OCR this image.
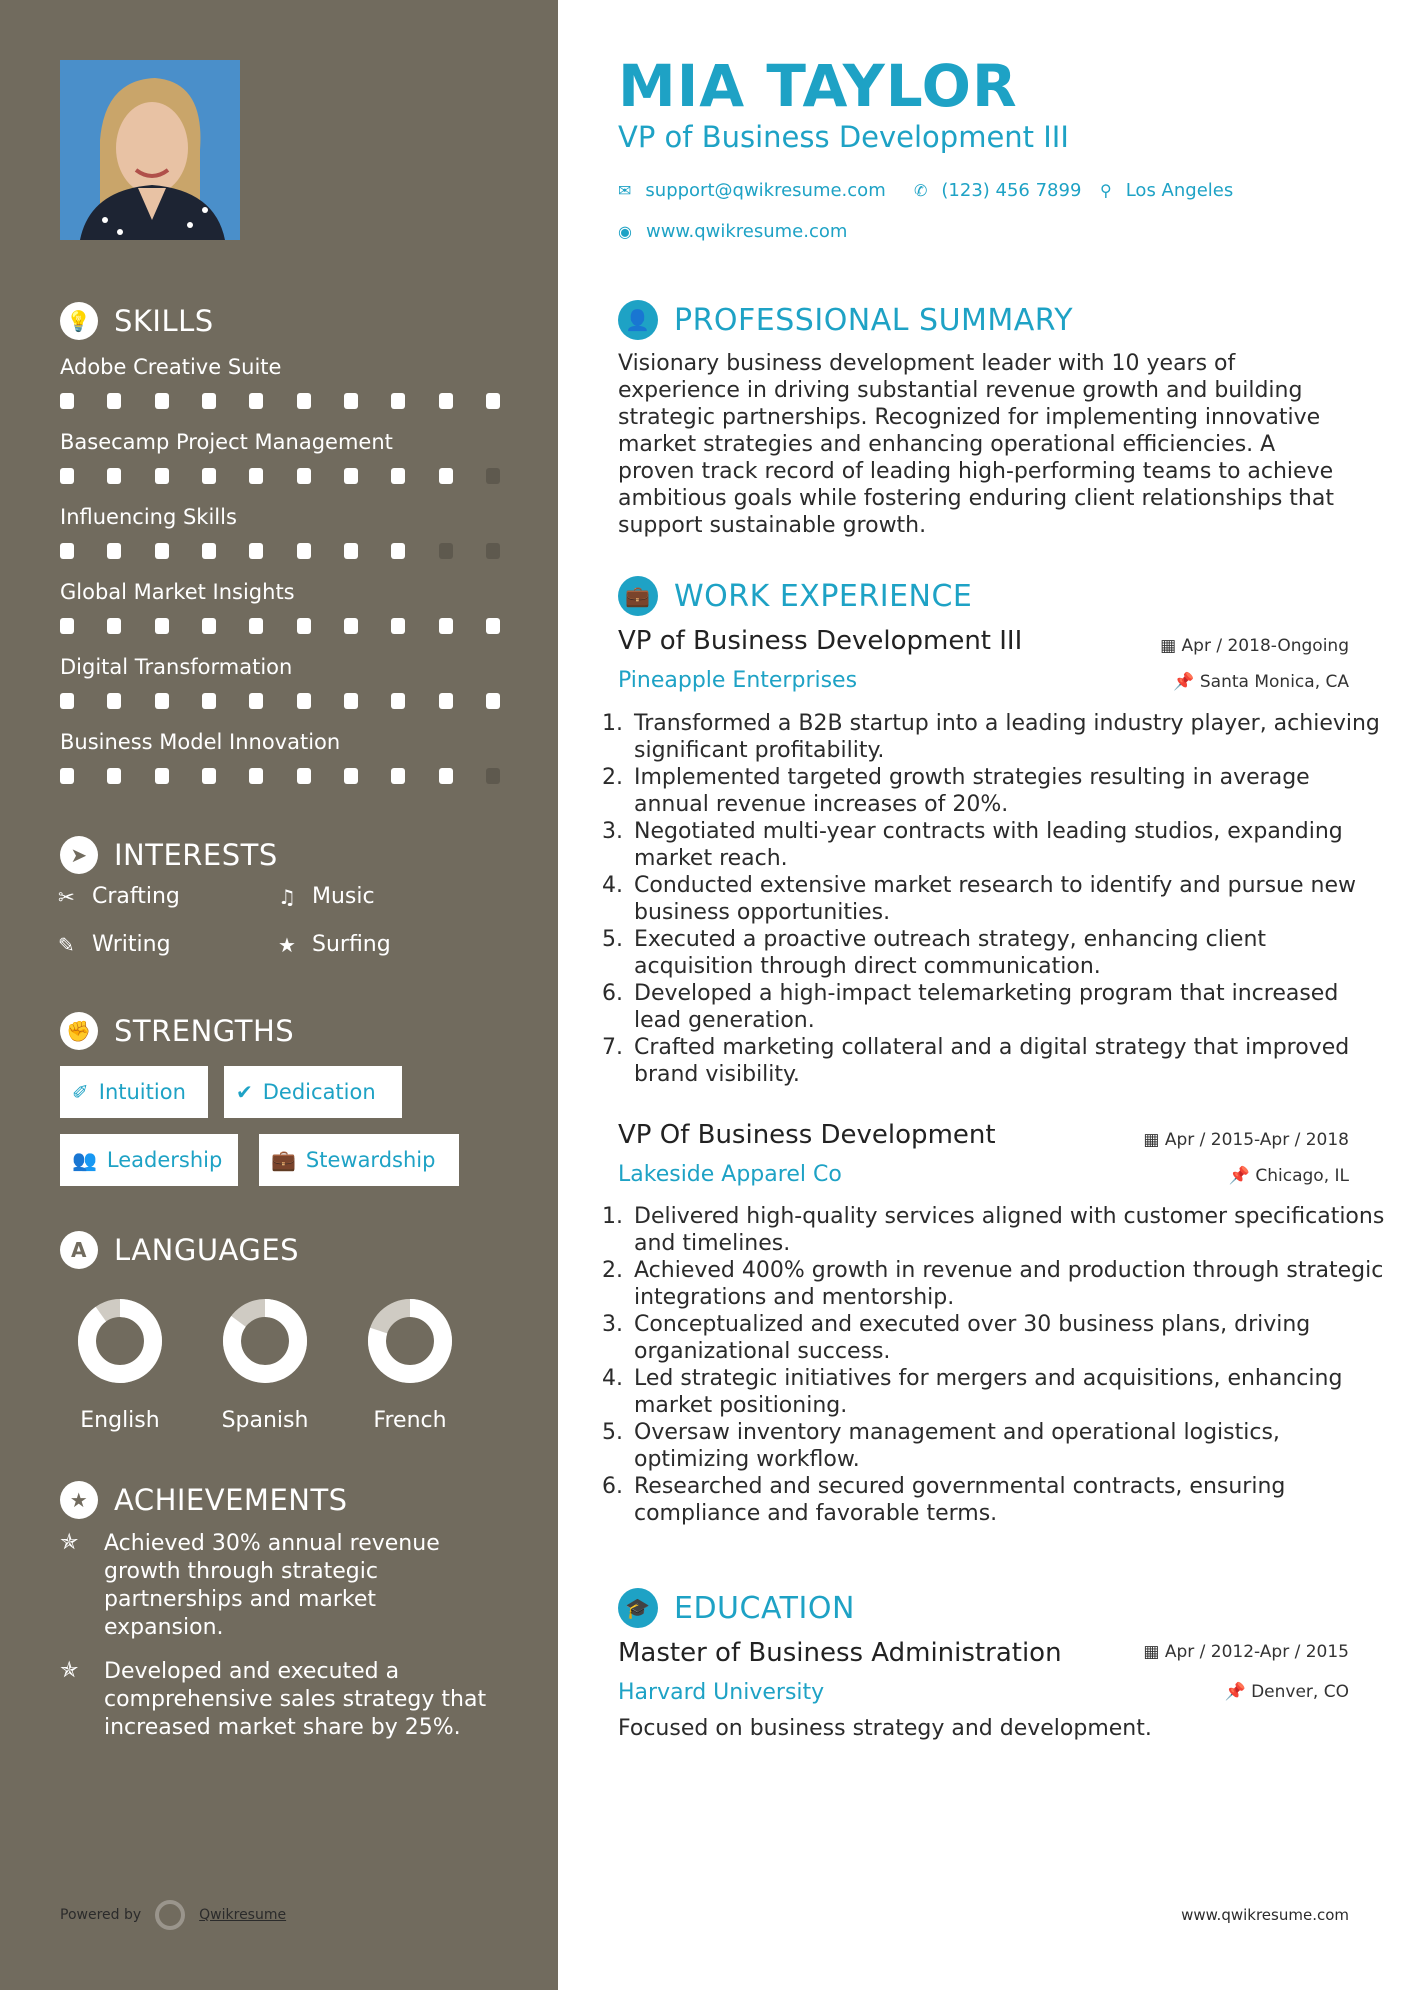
💡 SKILLS
Adobe Creative Suite
Basecamp Project Management
Influencing Skills
Global Market Insights
Digital Transformation
Business Model Innovation
➤ INTERESTS
✂ Crafting	♫ Music
✎ Writing	★ Surfing
✊ STRENGTHS
✐ Intuition	✔ Dedication
👥 Leadership 💼 Stewardship
A LANGUAGES
English	Spanish	French
★ ACHIEVEMENTS
✯	Achieved 30% annual revenue growth through strategic partnerships and market expansion.
✯	Developed and executed a comprehensive sales strategy that increased market share by 25%.
Powered by	Qwikresume
MIA TAYLOR
VP of Business Development III
✉ support@qwikresume.com ✆ (123) 456 7899 ⚲ Los Angeles
◉ www.qwikresume.com
👤 PROFESSIONAL SUMMARY
Visionary business development leader with 10 years of experience in driving substantial revenue growth and building strategic partnerships. Recognized for implementing innovative market strategies and enhancing operational efficiencies. A proven track record of leading high-performing teams to achieve ambitious goals while fostering enduring client relationships that support sustainable growth.
💼 WORK EXPERIENCE
VP of Business Development III	▦ Apr / 2018-Ongoing
Pineapple Enterprises	📌 Santa Monica, CA
1. Transformed a B2B startup into a leading industry player, achieving significant profitability.
2. Implemented targeted growth strategies resulting in average annual revenue increases of 20%.
3. Negotiated multi-year contracts with leading studios, expanding market reach.
4. Conducted extensive market research to identify and pursue new business opportunities.
5. Executed a proactive outreach strategy, enhancing client acquisition through direct communication.
6. Developed a high-impact telemarketing program that increased lead generation.
7. Crafted marketing collateral and a digital strategy that improved brand visibility.
VP Of Business Development	▦ Apr / 2015-Apr / 2018
Lakeside Apparel Co	📌 Chicago, IL
1. Delivered high-quality services aligned with customer specifications and timelines.
2. Achieved 400% growth in revenue and production through strategic integrations and mentorship.
3. Conceptualized and executed over 30 business plans, driving organizational success.
4. Led strategic initiatives for mergers and acquisitions, enhancing market positioning.
5. Oversaw inventory management and operational logistics, optimizing workflow.
6. Researched and secured governmental contracts, ensuring compliance and favorable terms.
🎓 EDUCATION
Master of Business Administration	▦ Apr / 2012-Apr / 2015
Harvard University	📌 Denver, CO
Focused on business strategy and development.
www.qwikresume.com
